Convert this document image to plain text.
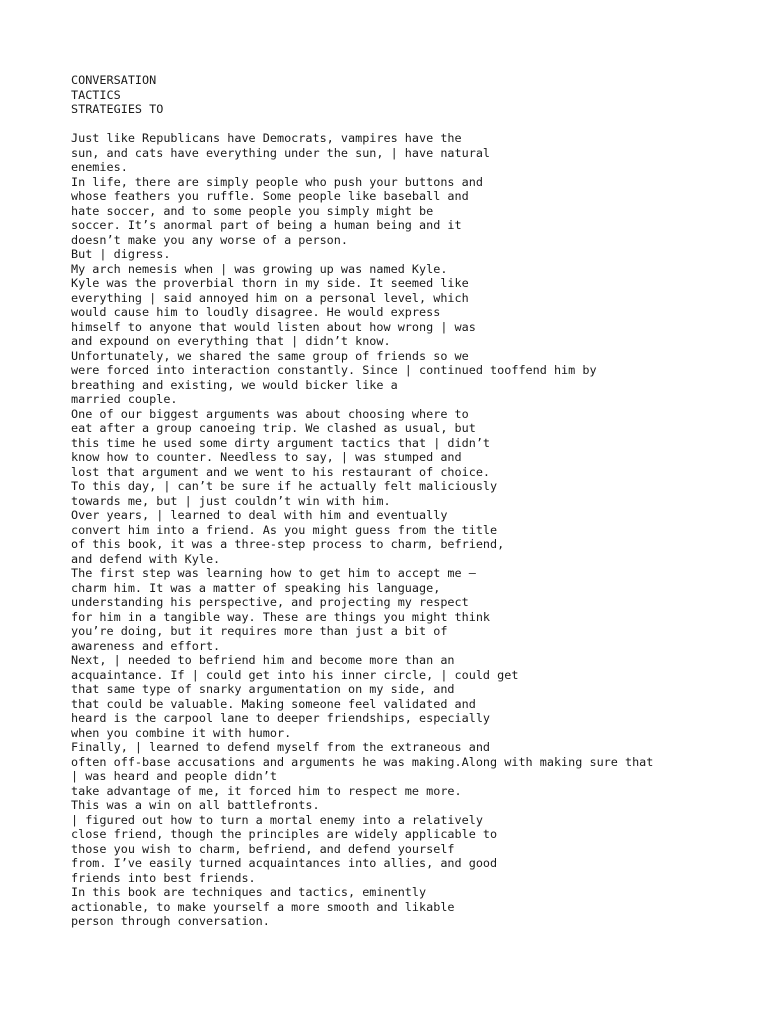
CONVERSATION
TACTICS
STRATEGIES TO
Just like Republicans have Democrats, vampires have the
sun, and cats have everything under the sun, | have natural
enemies.
In life, there are simply people who push your buttons and
whose feathers you ruffle. Some people like baseball and
hate soccer, and to some people you simply might be
soccer. It’s anormal part of being a human being and it
doesn’t make you any worse of a person.
But | digress.
My arch nemesis when | was growing up was named Kyle.
Kyle was the proverbial thorn in my side. It seemed like
everything | said annoyed him on a personal level, which
would cause him to loudly disagree. He would express
himself to anyone that would listen about how wrong | was
and expound on everything that | didn’t know.
Unfortunately, we shared the same group of friends so we
were forced into interaction constantly. Since | continued tooffend him by
breathing and existing, we would bicker like a
married couple.
One of our biggest arguments was about choosing where to
eat after a group canoeing trip. We clashed as usual, but
this time he used some dirty argument tactics that | didn’t
know how to counter. Needless to say, | was stumped and
lost that argument and we went to his restaurant of choice.
To this day, | can’t be sure if he actually felt maliciously
towards me, but | just couldn’t win with him.
Over years, | learned to deal with him and eventually
convert him into a friend. As you might guess from the title
of this book, it was a three-step process to charm, befriend,
and defend with Kyle.
The first step was learning how to get him to accept me —
charm him. It was a matter of speaking his language,
understanding his perspective, and projecting my respect
for him in a tangible way. These are things you might think
you’re doing, but it requires more than just a bit of
awareness and effort.
Next, | needed to befriend him and become more than an
acquaintance. If | could get into his inner circle, | could get
that same type of snarky argumentation on my side, and
that could be valuable. Making someone feel validated and
heard is the carpool lane to deeper friendships, especially
when you combine it with humor.
Finally, | learned to defend myself from the extraneous and
often off-base accusations and arguments he was making.Along with making sure that
| was heard and people didn’t
take advantage of me, it forced him to respect me more.
This was a win on all battlefronts.
| figured out how to turn a mortal enemy into a relatively
close friend, though the principles are widely applicable to
those you wish to charm, befriend, and defend yourself
from. I’ve easily turned acquaintances into allies, and good
friends into best friends.
In this book are techniques and tactics, eminently
actionable, to make yourself a more smooth and likable
person through conversation.
